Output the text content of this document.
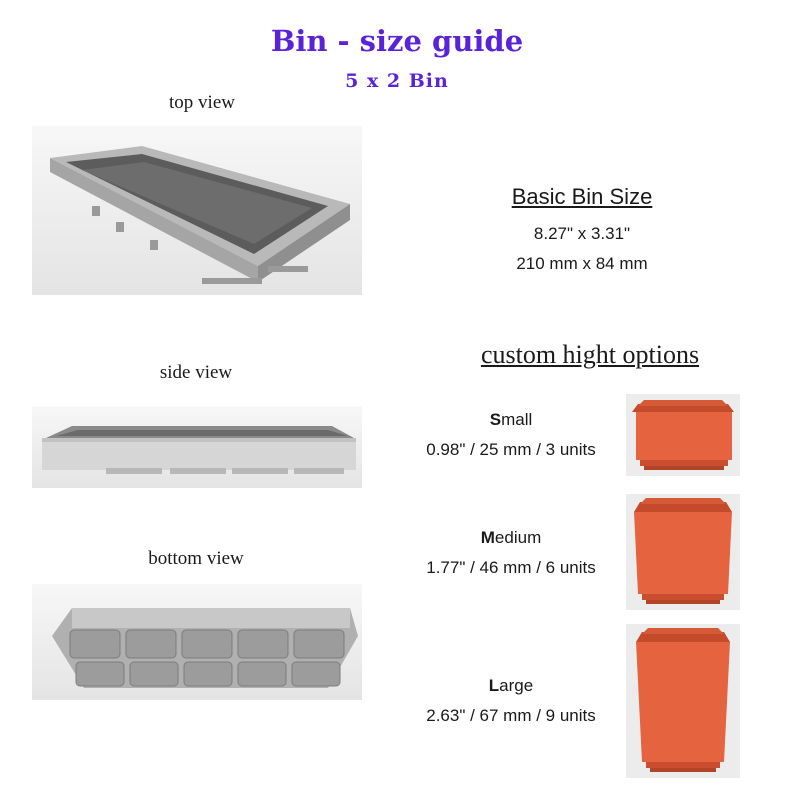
Bin - size guide
5 x 2 Bin
top view
side view
bottom view
Basic Bin Size
8.27" x 3.31"
210 mm x 84 mm
custom hight options
Small
0.98" / 25 mm / 3 units
Medium
1.77" / 46 mm / 6 units
Large
2.63" / 67 mm / 9 units
